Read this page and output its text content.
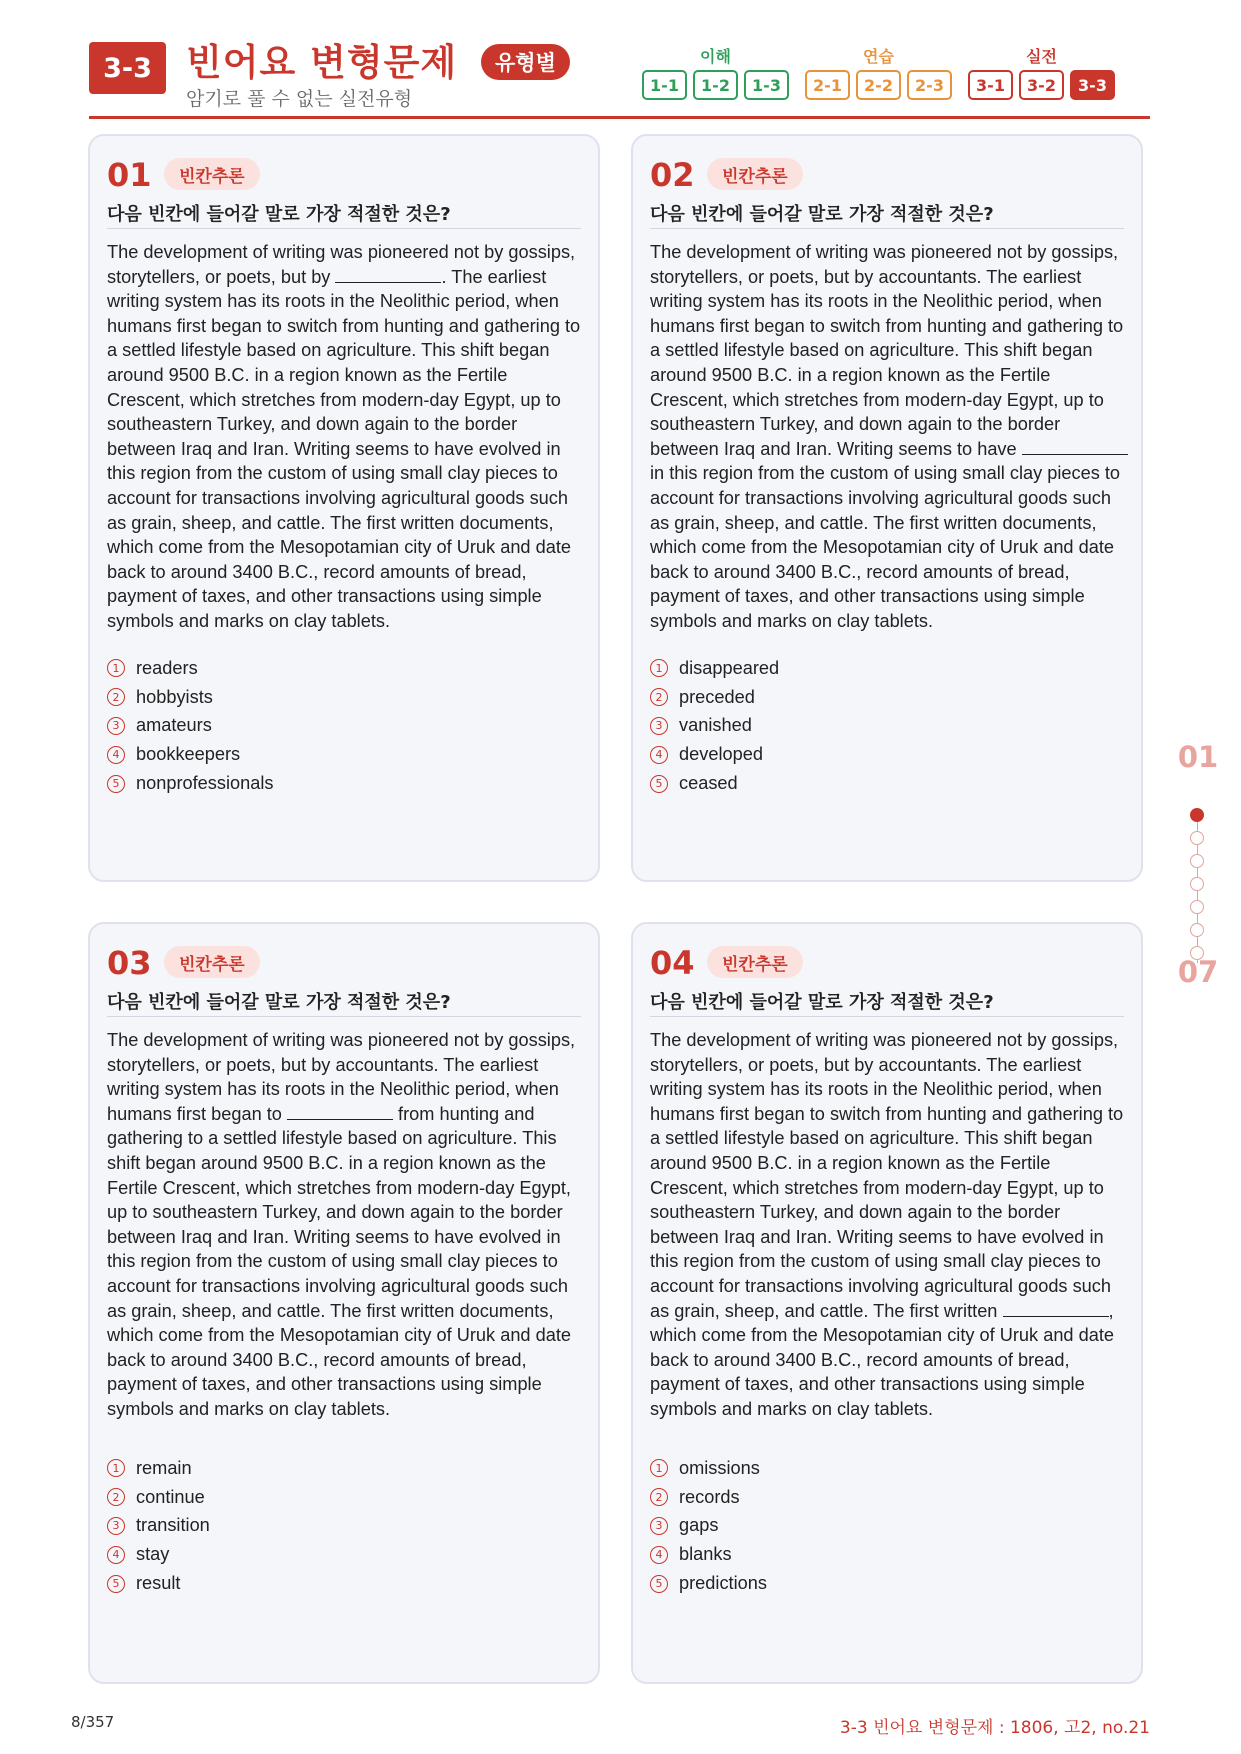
3-3 빈어요 변형문제	유형별
암기로 풀 수 없는 실전유형
이해
1-1	1-2	1-3
연습
2-1	2-2	2-3
실전
3-1	3-2	3-3
01	빈칸추론
다음 빈칸에 들어갈 말로 가장 적절한 것은?
The development of writing was pioneered not by gossips, storytellers, or poets, but by	. The earliest writing system has its roots in the Neolithic period, when humans first began to switch from hunting and gathering to a settled lifestyle based on agriculture. This shift began around 9500 B.C. in a region known as the Fertile Crescent, which stretches from modern-day Egypt, up to southeastern Turkey, and down again to the border between Iraq and Iran. Writing seems to have evolved in this region from the custom of using small clay pieces to account for transactions involving agricultural goods such as grain, sheep, and cattle. The first written documents, which come from the Mesopotamian city of Uruk and date back to around 3400 B.C., record amounts of bread, payment of taxes, and other transactions using simple symbols and marks on clay tablets.
1 readers
2 hobbyists
3 amateurs
4 bookkeepers
5 nonprofessionals
02	빈칸추론
다음 빈칸에 들어갈 말로 가장 적절한 것은?
The development of writing was pioneered not by gossips, storytellers, or poets, but by accountants. The earliest writing system has its roots in the Neolithic period, when humans first began to switch from hunting and gathering to a settled lifestyle based on agriculture. This shift began around 9500 B.C. in a region known as the Fertile Crescent, which stretches from modern-day Egypt, up to southeastern Turkey, and down again to the border between Iraq and Iran. Writing seems to have  in this region from the custom of using small clay pieces to account for transactions involving agricultural goods such as grain, sheep, and cattle. The first written documents, which come from the Mesopotamian city of Uruk and date back to around 3400 B.C., record amounts of bread, payment of taxes, and other transactions using simple symbols and marks on clay tablets.
1 disappeared
2 preceded
3 vanished
4 developed
5 ceased
03	빈칸추론
다음 빈칸에 들어갈 말로 가장 적절한 것은?
The development of writing was pioneered not by gossips, storytellers, or poets, but by accountants. The earliest writing system has its roots in the Neolithic period, when humans first began to	from hunting and gathering to a settled lifestyle based on agriculture. This shift began around 9500 B.C. in a region known as the Fertile Crescent, which stretches from modern-day Egypt, up to southeastern Turkey, and down again to the border between Iraq and Iran. Writing seems to have evolved in this region from the custom of using small clay pieces to account for transactions involving agricultural goods such as grain, sheep, and cattle. The first written documents, which come from the Mesopotamian city of Uruk and date back to around 3400 B.C., record amounts of bread, payment of taxes, and other transactions using simple symbols and marks on clay tablets.
1 remain
2 continue
3 transition
4 stay
5 result
04	빈칸추론
다음 빈칸에 들어갈 말로 가장 적절한 것은?
The development of writing was pioneered not by gossips, storytellers, or poets, but by accountants. The earliest writing system has its roots in the Neolithic period, when humans first began to switch from hunting and gathering to a settled lifestyle based on agriculture. This shift began around 9500 B.C. in a region known as the Fertile Crescent, which stretches from modern-day Egypt, up to southeastern Turkey, and down again to the border between Iraq and Iran. Writing seems to have evolved in this region from the custom of using small clay pieces to account for transactions involving agricultural goods such as grain, sheep, and cattle. The first written	, which come from the Mesopotamian city of Uruk and date back to around 3400 B.C., record amounts of bread, payment of taxes, and other transactions using simple symbols and marks on clay tablets.
1 omissions
2 records
3 gaps
4 blanks
5 predictions
01
07
8/357	3-3 빈어요 변형문제 : 1806, 고2, no.21
